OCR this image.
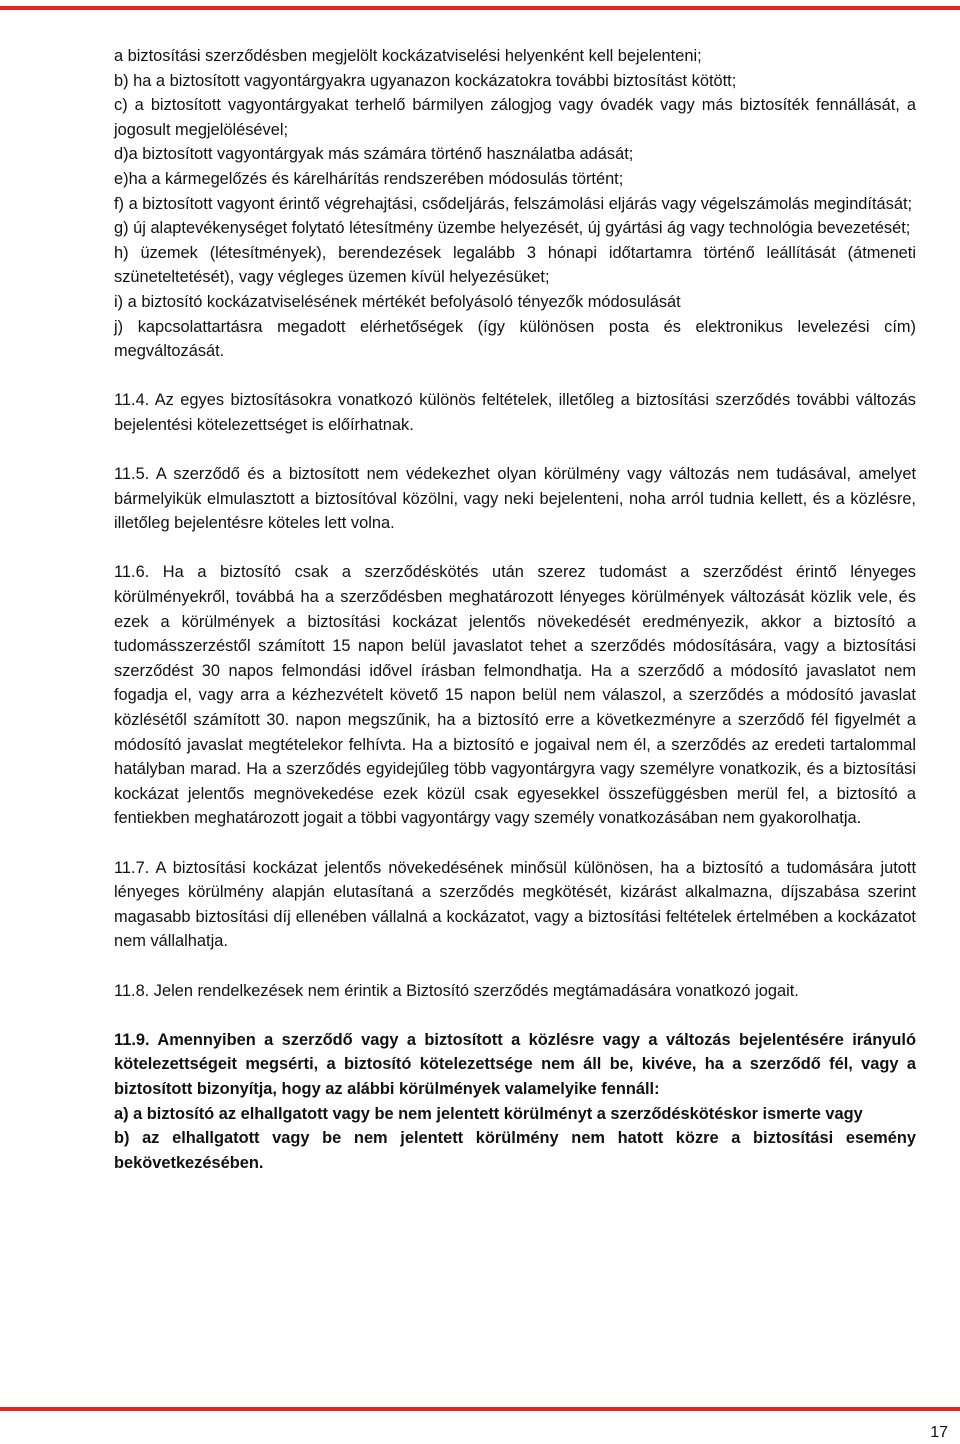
a biztosítási szerződésben megjelölt kockázatviselési helyenként kell bejelenteni;

b) ha a biztosított vagyontárgyakra ugyanazon kockázatokra további biztosítást kötött;

c) a biztosított vagyontárgyakat terhelő bármilyen zálogjog vagy óvadék vagy más biztosíték fennállását, a jogosult megjelölésével;

d)a biztosított vagyontárgyak más számára történő használatba adását;

e)ha a kármegelőzés és kárelhárítás rendszerében módosulás történt;

f) a biztosított vagyont érintő végrehajtási, csődeljárás, felszámolási eljárás vagy végelszámolás megindítását;

g) új alaptevékenységet folytató létesítmény üzembe helyezését, új gyártási ág vagy technológia bevezetését;

h) üzemek (létesítmények), berendezések legalább 3 hónapi időtartamra történő leállítását (átmeneti szüneteltetését), vagy végleges üzemen kívül helyezésüket;

i) a biztosító kockázatviselésének mértékét befolyásoló tényezők módosulását

j) kapcsolattartásra megadott elérhetőségek (így különösen posta és elektronikus levelezési cím) megváltozását.

11.4. Az egyes biztosításokra vonatkozó különös feltételek, illetőleg a biztosítási szerződés további változás bejelentési kötelezettséget is előírhatnak.

11.5. A szerződő és a biztosított nem védekezhet olyan körülmény vagy változás nem tudásával, amelyet bármelyikük elmulasztott a biztosítóval közölni, vagy neki bejelenteni, noha arról tudnia kellett, és a közlésre, illetőleg bejelentésre köteles lett volna.

11.6. Ha a biztosító csak a szerződéskötés után szerez tudomást a szerződést érintő lényeges körülményekről, továbbá ha a szerződésben meghatározott lényeges körülmények változását közlik vele, és ezek a körülmények a biztosítási kockázat jelentős növekedését eredményezik, akkor a biztosító a tudomásszerzéstől számított 15 napon belül javaslatot tehet a szerződés módosítására, vagy a biztosítási szerződést 30 napos felmondási idővel írásban felmondhatja. Ha a szerződő a módosító javaslatot nem fogadja el, vagy arra a kézhezvételt követő 15 napon belül nem válaszol, a szerződés a módosító javaslat közlésétől számított 30. napon megszűnik, ha a biztosító erre a következményre a szerződő fél figyelmét a módosító javaslat megtételekor felhívta. Ha a biztosító e jogaival nem él, a szerződés az eredeti tartalommal hatályban marad. Ha a szerződés egyidejűleg több vagyontárgyra vagy személyre vonatkozik, és a biztosítási kockázat jelentős megnövekedése ezek közül csak egyesekkel összefüggésben merül fel, a biztosító a fentiekben meghatározott jogait a többi vagyontárgy vagy személy vonatkozásában nem gyakorolhatja.

11.7. A biztosítási kockázat jelentős növekedésének minősül különösen, ha a biztosító a tudomására jutott lényeges körülmény alapján elutasítaná a szerződés megkötését, kizárást alkalmazna, díjszabása szerint magasabb biztosítási díj ellenében vállalná a kockázatot, vagy a biztosítási feltételek értelmében a kockázatot nem vállalhatja.

11.8. Jelen rendelkezések nem érintik a Biztosító szerződés megtámadására vonatkozó jogait.

11.9. Amennyiben a szerződő vagy a biztosított a közlésre vagy a változás bejelentésére irányuló kötelezettségeit megsérti, a biztosító kötelezettsége nem áll be, kivéve, ha a szerződő fél, vagy a biztosított bizonyítja, hogy az alábbi körülmények valamelyike fennáll:

a) a biztosító az elhallgatott vagy be nem jelentett körülményt a szerződéskötéskor ismerte vagy

b) az elhallgatott vagy be nem jelentett körülmény nem hatott közre a biztosítási esemény bekövetkezésében.

17
